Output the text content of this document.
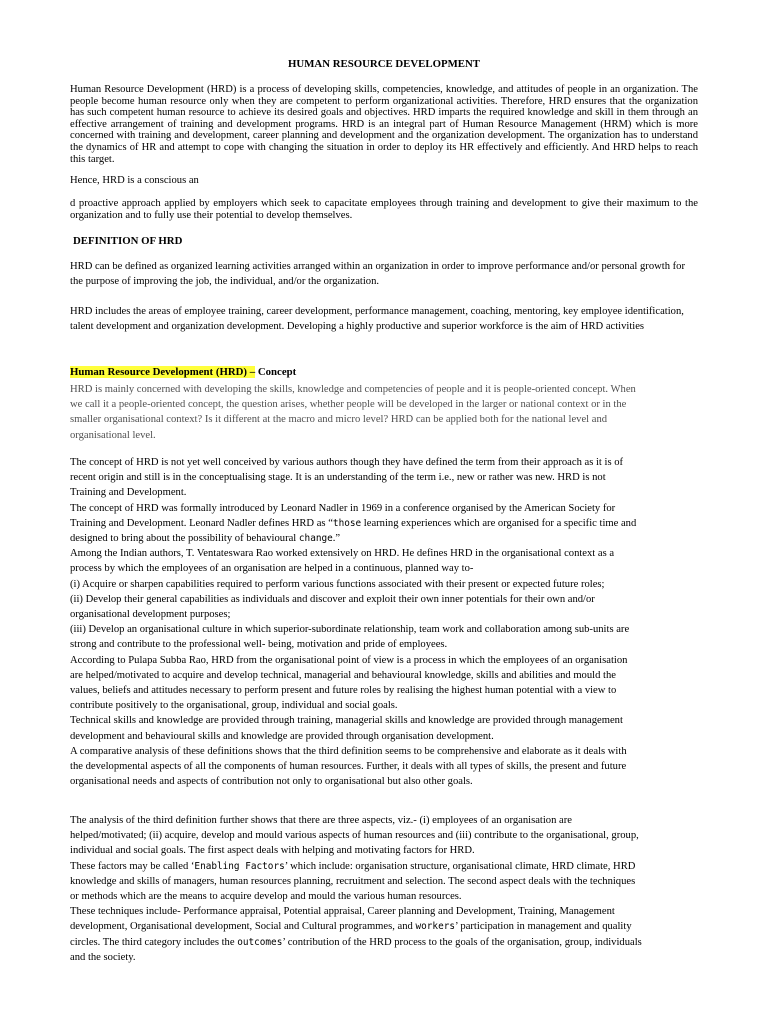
HUMAN RESOURCE DEVELOPMENT

Human Resource Development (HRD) is a process of developing skills, competencies, knowledge, and attitudes of people in an organization. The people become human resource only when they are competent to perform organizational activities. Therefore, HRD ensures that the organization has such competent human resource to achieve its desired goals and objectives. HRD imparts the required knowledge and skill in them through an effective arrangement of training and development programs. HRD is an integral part of Human Resource Management (HRM) which is more concerned with training and development, career planning and development and the organization development. The organization has to understand the dynamics of HR and attempt to cope with changing the situation in order to deploy its HR effectively and efficiently. And HRD helps to reach this target.

Hence, HRD is a conscious an

d proactive approach applied by employers which seek to capacitate employees through training and development to give their maximum to the organization and to fully use their potential to develop themselves.

DEFINITION OF HRD

HRD can be defined as organized learning activities arranged within an organization in order to improve performance and/or personal growth for the purpose of improving the job, the individual, and/or the organization.

HRD includes the areas of employee training, career development, performance management, coaching, mentoring, key employee identification, talent development and organization development. Developing a highly productive and superior workforce is the aim of HRD activities

Human Resource Development (HRD) – Concept

HRD is mainly concerned with developing the skills, knowledge and competencies of people and it is people-oriented concept. When
we call it a people-oriented concept, the question arises, whether people will be developed in the larger or national context or in the
smaller organisational context? Is it different at the macro and micro level? HRD can be applied both for the national level and
organisational level.
The concept of HRD is not yet well conceived by various authors though they have defined the term from their approach as it is of
recent origin and still is in the conceptualising stage. It is an understanding of the term i.e., new or rather was new. HRD is not
Training and Development.
The concept of HRD was formally introduced by Leonard Nadler in 1969 in a conference organised by the American Society for
Training and Development. Leonard Nadler defines HRD as “those learning experiences which are organised for a specific time and
designed to bring about the possibility of behavioural change.”
Among the Indian authors, T. Ventateswara Rao worked extensively on HRD. He defines HRD in the organisational context as a
process by which the employees of an organisation are helped in a continuous, planned way to-
(i) Acquire or sharpen capabilities required to perform various functions associated with their present or expected future roles;
(ii) Develop their general capabilities as individuals and discover and exploit their own inner potentials for their own and/or
organisational development purposes;
(iii) Develop an organisational culture in which superior-subordinate relationship, team work and collaboration among sub-units are
strong and contribute to the professional well- being, motivation and pride of employees.
According to Pulapa Subba Rao, HRD from the organisational point of view is a process in which the employees of an organisation
are helped/motivated to acquire and develop technical, managerial and behavioural knowledge, skills and abilities and mould the
values, beliefs and attitudes necessary to perform present and future roles by realising the highest human potential with a view to
contribute positively to the organisational, group, individual and social goals.
Technical skills and knowledge are provided through training, managerial skills and knowledge are provided through management
development and behavioural skills and knowledge are provided through organisation development.
A comparative analysis of these definitions shows that the third definition seems to be comprehensive and elaborate as it deals with
the developmental aspects of all the components of human resources. Further, it deals with all types of skills, the present and future
organisational needs and aspects of contribution not only to organisational but also other goals.
The analysis of the third definition further shows that there are three aspects, viz.- (i) employees of an organisation are
helped/motivated; (ii) acquire, develop and mould various aspects of human resources and (iii) contribute to the organisational, group,
individual and social goals. The first aspect deals with helping and motivating factors for HRD.
These factors may be called ‘Enabling Factors’ which include: organisation structure, organisational climate, HRD climate, HRD
knowledge and skills of managers, human resources planning, recruitment and selection. The second aspect deals with the techniques
or methods which are the means to acquire develop and mould the various human resources.
These techniques include- Performance appraisal, Potential appraisal, Career planning and Development, Training, Management
development, Organisational development, Social and Cultural programmes, and workers’ participation in management and quality
circles. The third category includes the outcomes’ contribution of the HRD process to the goals of the organisation, group, individuals
and the society.
